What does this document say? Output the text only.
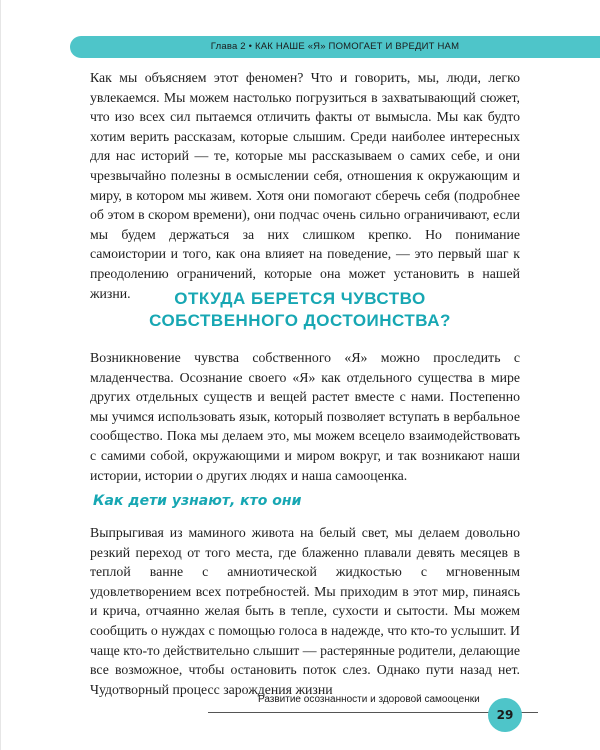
Глава 2 • КАК НАШЕ «Я» ПОМОГАЕТ И ВРЕДИТ НАМ

Как мы объясняем этот феномен? Что и говорить, мы, люди, легко увлекаемся. Мы можем настолько погрузиться в захватывающий сюжет, что изо всех сил пытаемся отличить факты от вымысла. Мы как будто хотим верить рассказам, которые слышим. Среди наиболее интересных для нас историй — те, которые мы рассказываем о самих себе, и они чрезвычайно полезны в осмыслении себя, отношения к окружающим и миру, в котором мы живем. Хотя они помогают сберечь себя (подробнее об этом в скором времени), они подчас очень сильно ограничивают, если мы будем держаться за них слишком крепко. Но понимание самоистории и того, как она влияет на поведение, — это первый шаг к преодолению ограничений, которые она может установить в нашей жизни.	ОТКУДА БЕРЕТСЯ ЧУВСТВО
СОБСТВЕННОГО ДОСТОИНСТВА?

Возникновение чувства собственного «Я» можно проследить с младенчества. Осознание своего «Я» как отдельного существа в мире других отдельных существ и вещей растет вместе с нами. Постепенно мы учимся использовать язык, который позволяет вступать в вербальное сообщество. Пока мы делаем это, мы можем всецело взаимодействовать с самими собой, окружающими и миром вокруг, и так возникают наши истории, истории о других людях и наша самооценка.

Как дети узнают, кто они

Выпрыгивая из маминого живота на белый свет, мы делаем довольно резкий переход от того места, где блаженно плавали девять месяцев в теплой ванне с амниотической жидкостью с мгновенным удовлетворением всех потребностей. Мы приходим в этот мир, пинаясь и крича, отчаянно желая быть в тепле, сухости и сытости. Мы можем сообщить о нуждах с помощью голоса в надежде, что кто-то услышит. И чаще кто-то действительно слышит — растерянные родители, делающие все возможное, чтобы остановить поток слез. Однако пути назад нет. Чудотворный процесс зарождения жизни

Развитие осознанности и здоровой самооценки
29
